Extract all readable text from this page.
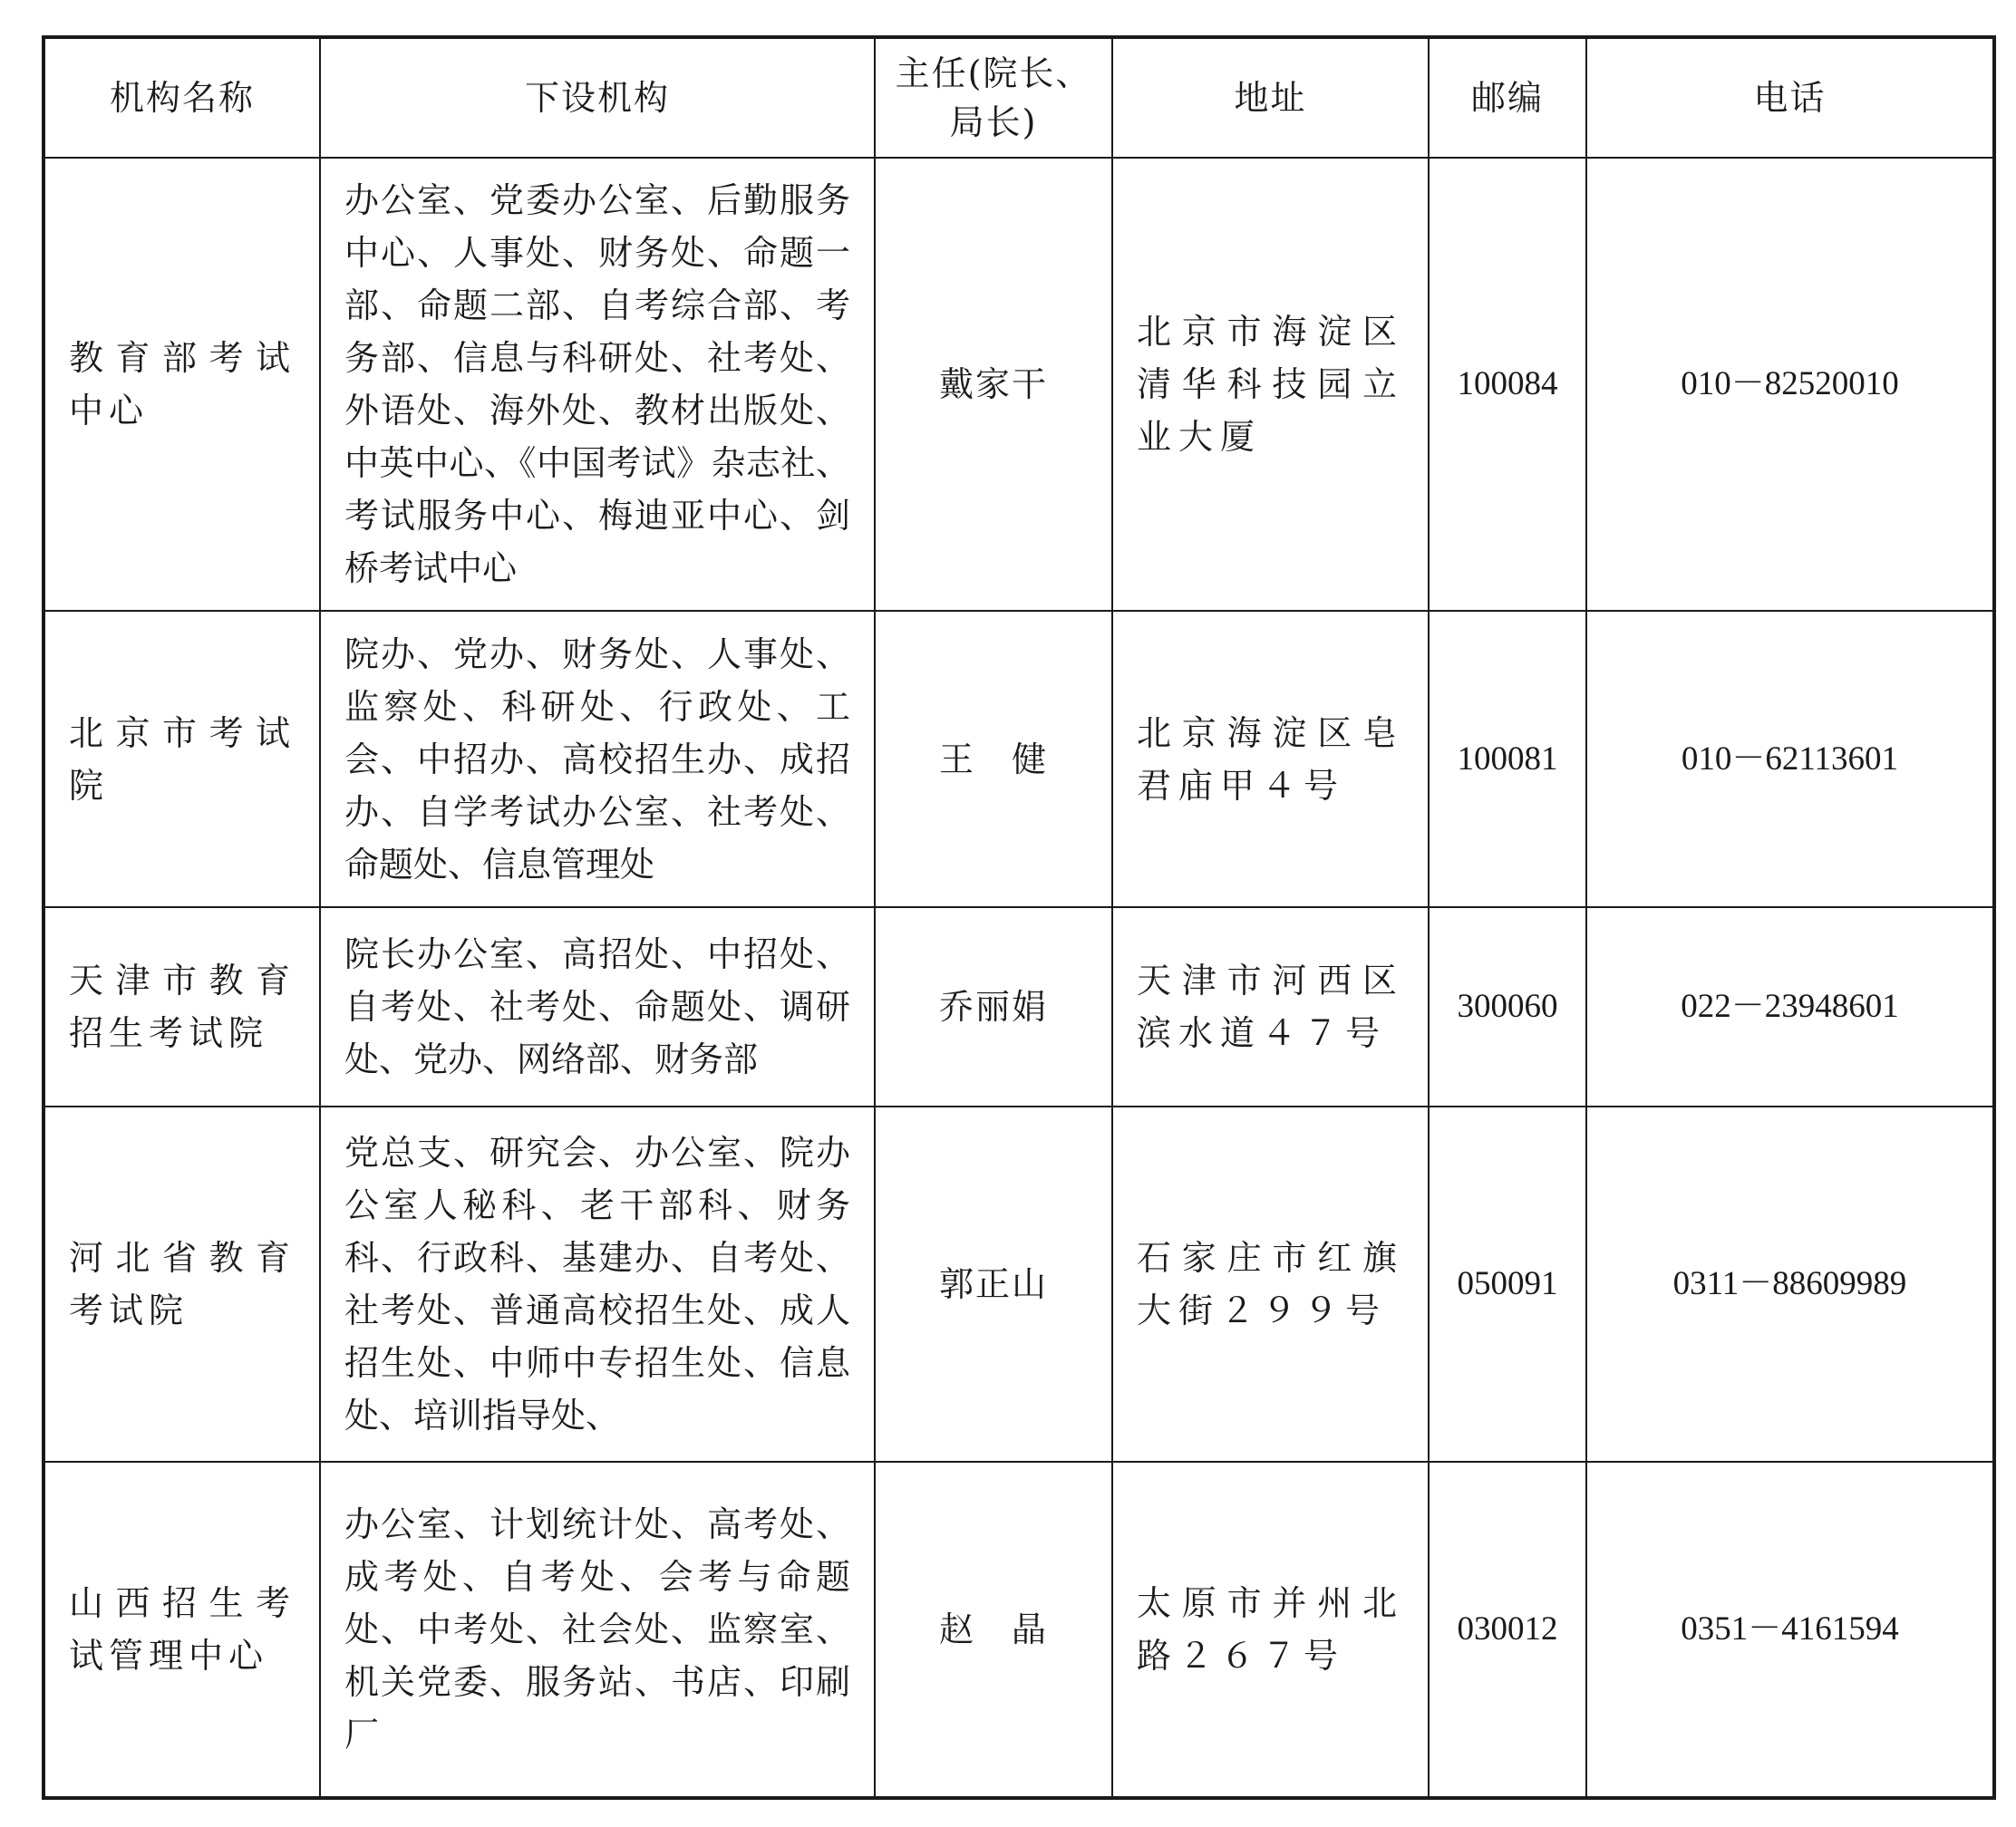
机构名称	下设机构	主任(院长、局长)	地址	邮编	电话
教育部考试中心	办公室、党委办公室、后勤服务中心、人事处、财务处、命题一部、命题二部、自考综合部、考务部、信息与科研处、社考处、外语处、海外处、教材出版处、中英中心、《中国考试》杂志社、考试服务中心、梅迪亚中心、剑桥考试中心	戴家干	北京市海淀区清华科技园立业大厦	100084	010－82520010
北京市考试院	院办、党办、财务处、人事处、监察处、科研处、行政处、工会、中招办、高校招生办、成招办、自学考试办公室、社考处、命题处、信息管理处	王　健	北京海淀区皂君庙甲４号	100081	010－62113601
天津市教育招生考试院	院长办公室、高招处、中招处、自考处、社考处、命题处、调研处、党办、网络部、财务部	乔丽娟	天津市河西区滨水道４７号	300060	022－23948601
河北省教育考试院	党总支、研究会、办公室、院办公室人秘科、老干部科、财务科、行政科、基建办、自考处、社考处、普通高校招生处、成人招生处、中师中专招生处、信息处、培训指导处、	郭正山	石家庄市红旗大街２９９号	050091	0311－88609989
山西招生考试管理中心	办公室、计划统计处、高考处、成考处、自考处、会考与命题处、中考处、社会处、监察室、机关党委、服务站、书店、印刷厂	赵　晶	太原市并州北路２６７号	030012	0351－4161594
